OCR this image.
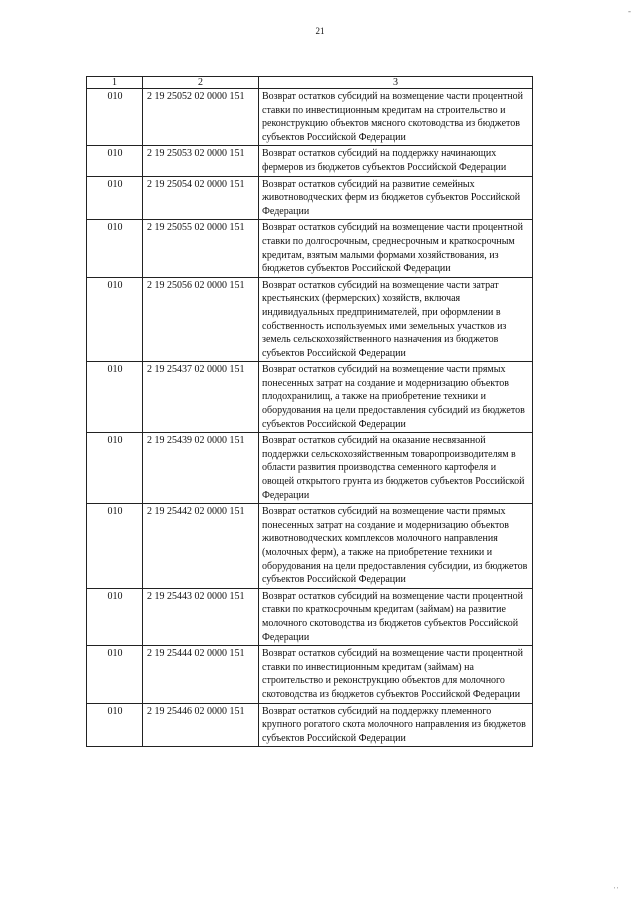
21
-
1	2	3
010	2 19 25052 02 0000 151	Возврат остатков субсидий на возмещение части процентной ставки по инвестиционным кредитам на строительство и реконструкцию объектов мясного скотоводства из бюджетов субъектов Российской Федерации
010	2 19 25053 02 0000 151	Возврат остатков субсидий на поддержку начинающих фермеров из бюджетов субъектов Российской Федерации
010	2 19 25054 02 0000 151	Возврат остатков субсидий на развитие семейных животноводческих ферм из бюджетов субъектов Российской Федерации
010	2 19 25055 02 0000 151	Возврат остатков субсидий на возмещение части процентной ставки по долгосрочным, среднесрочным и краткосрочным кредитам, взятым малыми формами хозяйствования, из бюджетов субъектов Российской Федерации
010	2 19 25056 02 0000 151	Возврат остатков субсидий на возмещение части затрат крестьянских (фермерских) хозяйств, включая индивидуальных предпринимателей, при оформлении в собственность используемых ими земельных участков из земель сельскохозяйственного назначения из бюджетов субъектов Российской Федерации
010	2 19 25437 02 0000 151	Возврат остатков субсидий на возмещение части прямых понесенных затрат на создание и модернизацию объектов плодохранилищ, а также на приобретение техники и оборудования на цели предоставления субсидий из бюджетов субъектов Российской Федерации
010	2 19 25439 02 0000 151	Возврат остатков субсидий на оказание несвязанной поддержки сельскохозяйственным товаропроизводителям в области развития производства семенного картофеля и овощей открытого грунта из бюджетов субъектов Российской Федерации
010	2 19 25442 02 0000 151	Возврат остатков субсидий на возмещение части прямых понесенных затрат на создание и модернизацию объектов животноводческих комплексов молочного направления (молочных ферм), а также на приобретение техники и оборудования на цели предоставления субсидии, из бюджетов субъектов Российской Федерации
010	2 19 25443 02 0000 151	Возврат остатков субсидий на возмещение части процентной ставки по краткосрочным кредитам (займам) на развитие молочного скотоводства из бюджетов субъектов Российской Федерации
010	2 19 25444 02 0000 151	Возврат остатков субсидий на возмещение части процентной ставки по инвестиционным кредитам (займам) на строительство и реконструкцию объектов для молочного скотоводства из бюджетов субъектов Российской Федерации
010	2 19 25446 02 0000 151	Возврат остатков субсидий на поддержку племенного крупного рогатого скота молочного направления из бюджетов субъектов Российской Федерации
' '
